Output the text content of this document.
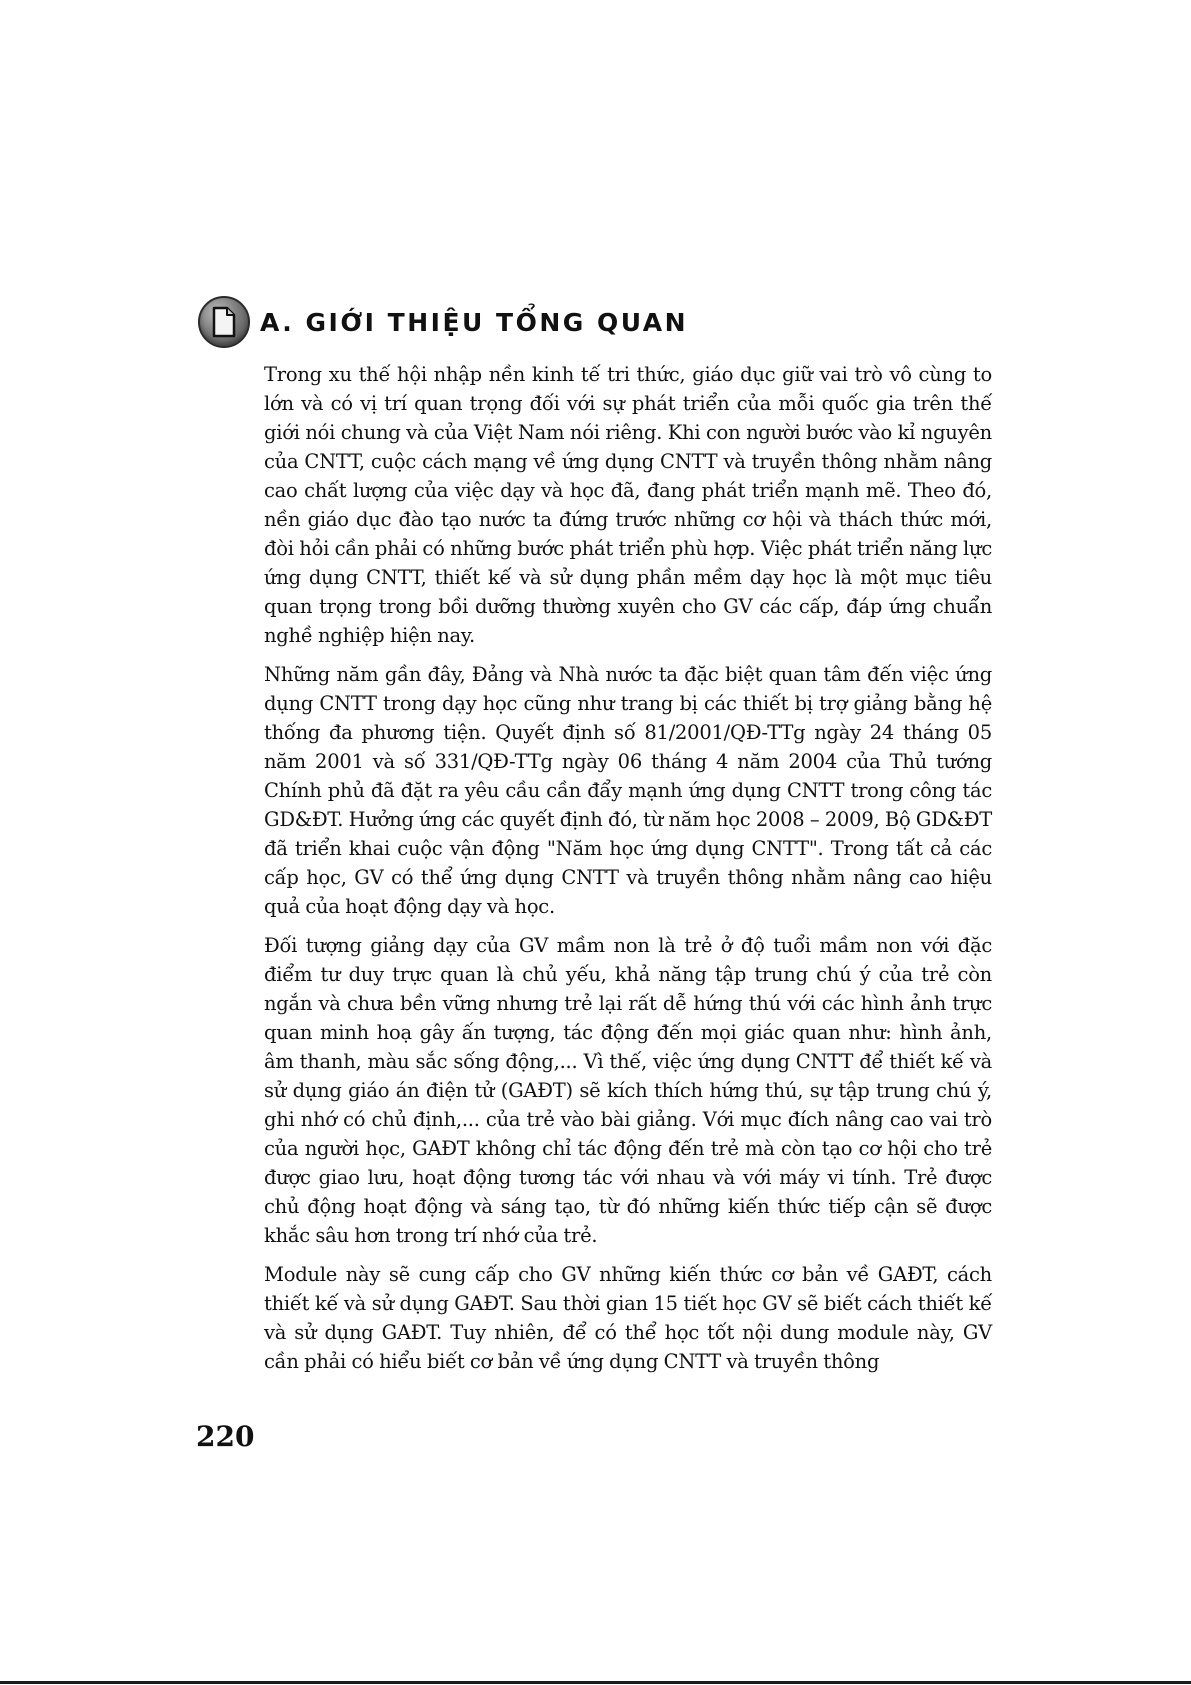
A. GIỚI THIỆU TỔNG QUAN

Trong xu thế hội nhập nền kinh tế tri thức, giáo dục giữ vai trò vô cùng to lớn và có vị trí quan trọng đối với sự phát triển của mỗi quốc gia trên thế giới nói chung và của Việt Nam nói riêng. Khi con người bước vào kỉ nguyên của CNTT, cuộc cách mạng về ứng dụng CNTT và truyền thông nhằm nâng cao chất lượng của việc dạy và học đã, đang phát triển mạnh mẽ. Theo đó, nền giáo dục đào tạo nước ta đứng trước những cơ hội và thách thức mới, đòi hỏi cần phải có những bước phát triển phù hợp. Việc phát triển năng lực ứng dụng CNTT, thiết kế và sử dụng phần mềm dạy học là một mục tiêu quan trọng trong bồi dưỡng thường xuyên cho GV các cấp, đáp ứng chuẩn nghề nghiệp hiện nay.

Những năm gần đây, Đảng và Nhà nước ta đặc biệt quan tâm đến việc ứng dụng CNTT trong dạy học cũng như trang bị các thiết bị trợ giảng bằng hệ thống đa phương tiện. Quyết định số 81/2001/QĐ-TTg ngày 24 tháng 05 năm 2001 và số 331/QĐ-TTg ngày 06 tháng 4 năm 2004 của Thủ tướng Chính phủ đã đặt ra yêu cầu cần đẩy mạnh ứng dụng CNTT trong công tác GD&ĐT. Hưởng ứng các quyết định đó, từ năm học 2008 – 2009, Bộ GD&ĐT đã triển khai cuộc vận động "Năm học ứng dụng CNTT". Trong tất cả các cấp học, GV có thể ứng dụng CNTT và truyền thông nhằm nâng cao hiệu quả của hoạt động dạy và học.

Đối tượng giảng dạy của GV mầm non là trẻ ở độ tuổi mầm non với đặc điểm tư duy trực quan là chủ yếu, khả năng tập trung chú ý của trẻ còn ngắn và chưa bền vững nhưng trẻ lại rất dễ hứng thú với các hình ảnh trực quan minh hoạ gây ấn tượng, tác động đến mọi giác quan như: hình ảnh, âm thanh, màu sắc sống động,... Vì thế, việc ứng dụng CNTT để thiết kế và sử dụng giáo án điện tử (GAĐT) sẽ kích thích hứng thú, sự tập trung chú ý, ghi nhớ có chủ định,... của trẻ vào bài giảng. Với mục đích nâng cao vai trò của người học, GAĐT không chỉ tác động đến trẻ mà còn tạo cơ hội cho trẻ được giao lưu, hoạt động tương tác với nhau và với máy vi tính. Trẻ được chủ động hoạt động và sáng tạo, từ đó những kiến thức tiếp cận sẽ được khắc sâu hơn trong trí nhớ của trẻ.

Module này sẽ cung cấp cho GV những kiến thức cơ bản về GAĐT, cách thiết kế và sử dụng GAĐT. Sau thời gian 15 tiết học GV sẽ biết cách thiết kế và sử dụng GAĐT. Tuy nhiên, để có thể học tốt nội dung module này, GV cần phải có hiểu biết cơ bản về ứng dụng CNTT và truyền thông

220
